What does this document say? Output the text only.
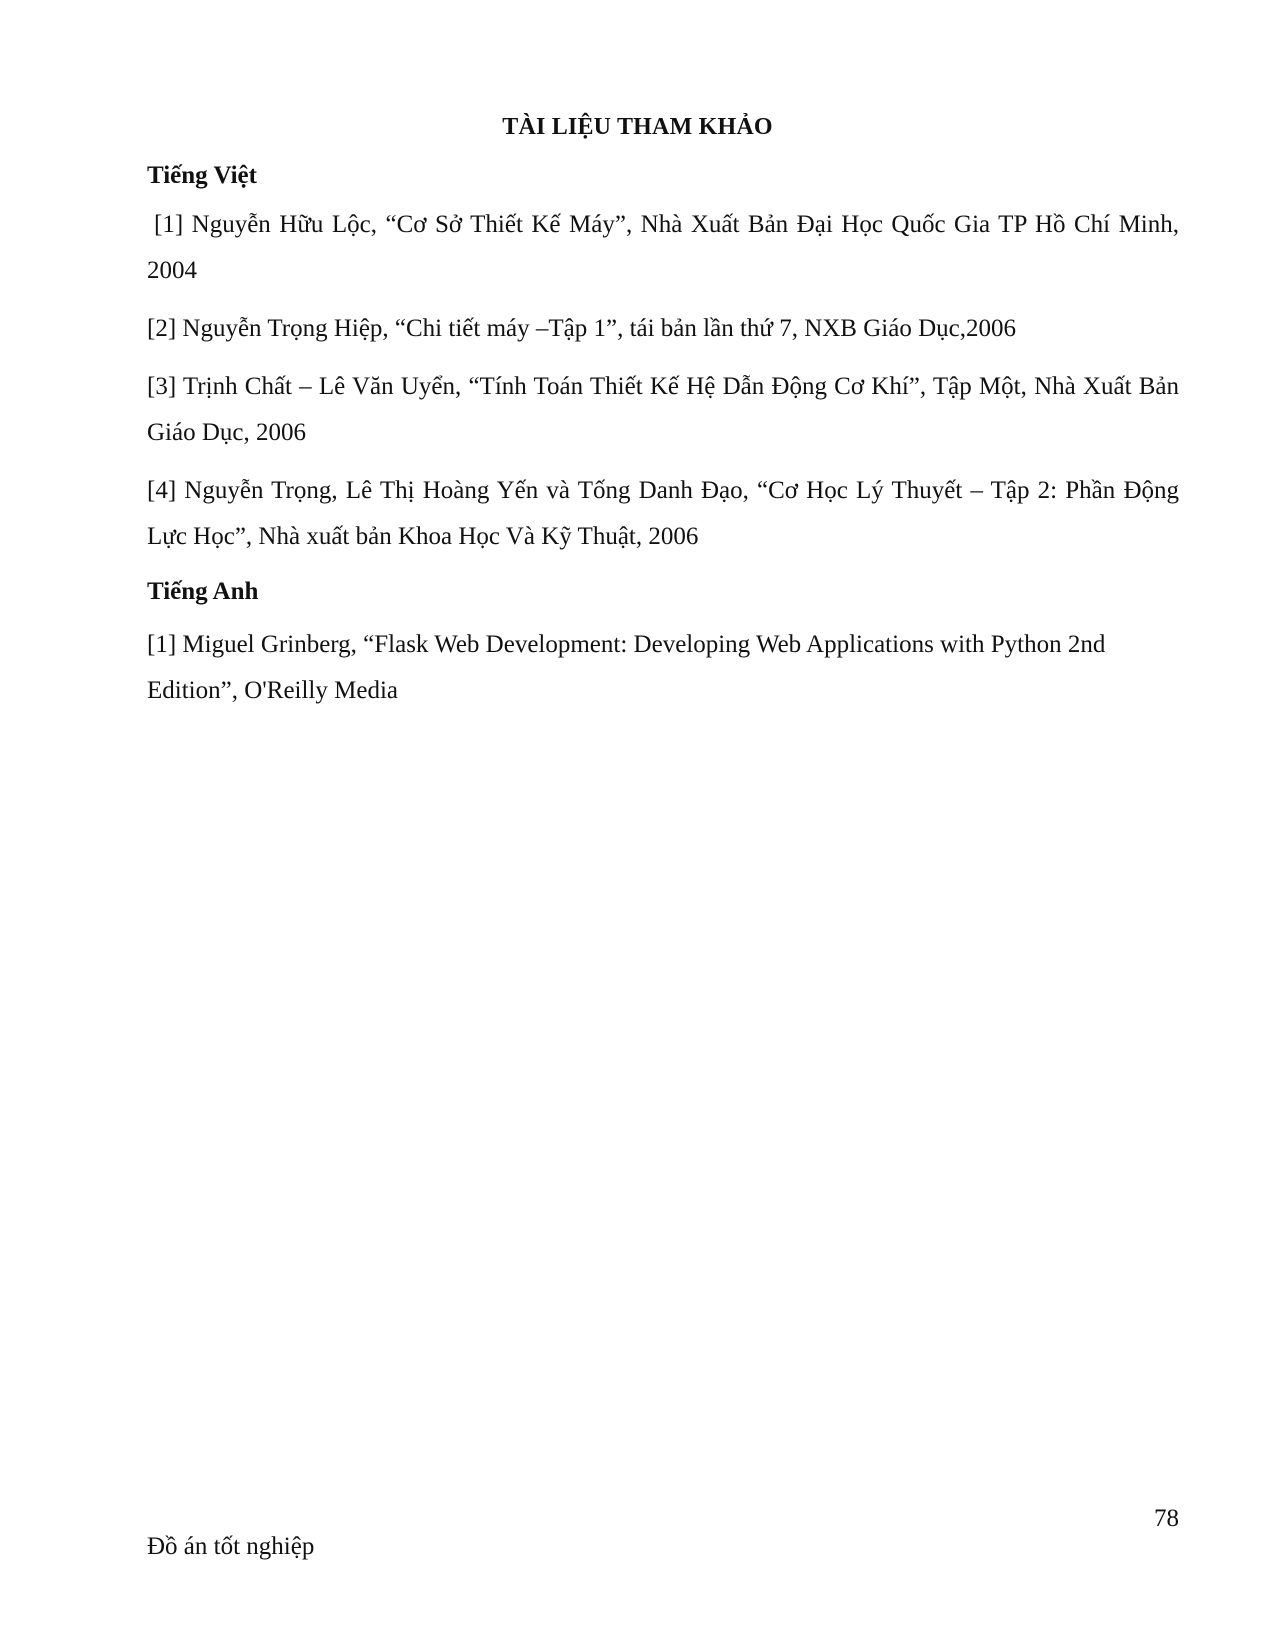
TÀI LIỆU THAM KHẢO

Tiếng Việt

[1] Nguyễn Hữu Lộc, “Cơ Sở Thiết Kế Máy”, Nhà Xuất Bản Đại Học Quốc Gia TP Hồ Chí Minh, 2004

[2] Nguyễn Trọng Hiệp, “Chi tiết máy –Tập 1”, tái bản lần thứ 7, NXB Giáo Dục,2006

[3] Trịnh Chất – Lê Văn Uyển, “Tính Toán Thiết Kế Hệ Dẫn Động Cơ Khí”, Tập Một, Nhà Xuất Bản Giáo Dục, 2006

[4] Nguyễn Trọng, Lê Thị Hoàng Yến và Tống Danh Đạo, “Cơ Học Lý Thuyết – Tập 2: Phần Động Lực Học”, Nhà xuất bản Khoa Học Và Kỹ Thuật, 2006

Tiếng Anh

[1] Miguel Grinberg, “Flask Web Development: Developing Web Applications with Python 2nd Edition”, O'Reilly Media

78
Đồ án tốt nghiệp
